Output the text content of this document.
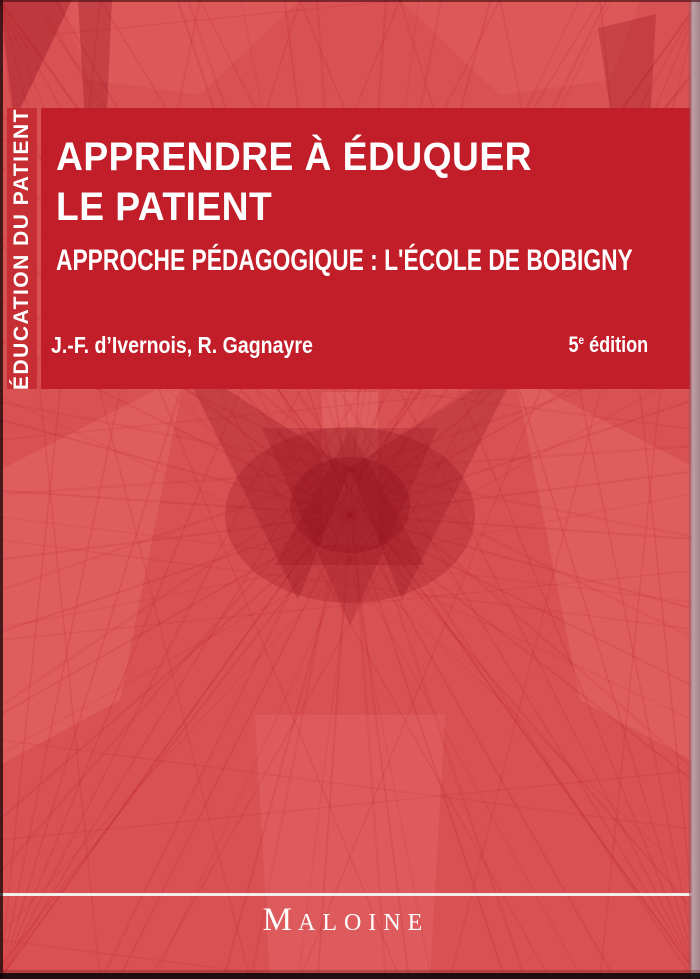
ÉDUCATION DU PATIENT APPRENDRE À ÉDUQUER
LE PATIENT
APPROCHE PÉDAGOGIQUE : L'ÉCOLE DE BOBIGNY
J.-F. d’Ivernois, R. Gagnayre	5e édition
MALOINE
